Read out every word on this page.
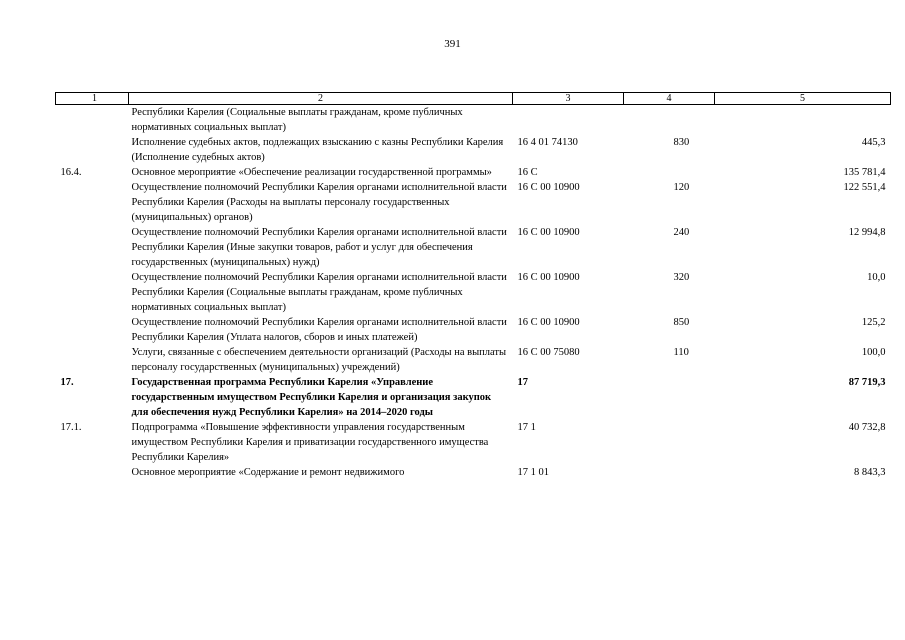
391
1	2	3	4	5
	Республики Карелия (Социальные выплаты гражданам, кроме публичных нормативных социальных выплат)			
	Исполнение судебных актов, подлежащих взысканию с казны Республики Карелия (Исполнение судебных актов)	16 4 01 74130	830	445,3
16.4.	Основное мероприятие «Обеспечение реализации государственной программы»	16 С		135 781,4
	Осуществление полномочий Республики Карелия органами исполнительной власти Республики Карелия (Расходы на выплаты персоналу государственных (муниципальных) органов)	16 С 00 10900	120	122 551,4
	Осуществление полномочий Республики Карелия органами исполнительной власти Республики Карелия (Иные закупки товаров, работ и услуг для обеспечения государственных (муниципальных) нужд)	16 С 00 10900	240	12 994,8
	Осуществление полномочий Республики Карелия органами исполнительной власти Республики Карелия (Социальные выплаты гражданам, кроме публичных нормативных социальных выплат)	16 С 00 10900	320	10,0
	Осуществление полномочий Республики Карелия органами исполнительной власти Республики Карелия (Уплата налогов, сборов и иных платежей)	16 С 00 10900	850	125,2
	Услуги, связанные с обеспечением деятельности организаций (Расходы на выплаты персоналу государственных (муниципальных) учреждений)	16 С 00 75080	110	100,0
17.	Государственная программа Республики Карелия «Управление государственным имуществом Республики Карелия и организация закупок для обеспечения нужд Республики Карелия» на 2014–2020 годы	17		87 719,3
17.1.	Подпрограмма «Повышение эффективности управления государственным имуществом Республики Карелия и приватизации государственного имущества Республики Карелия»	17 1		40 732,8
	Основное мероприятие «Содержание и ремонт недвижимого	17 1 01		8 843,3
